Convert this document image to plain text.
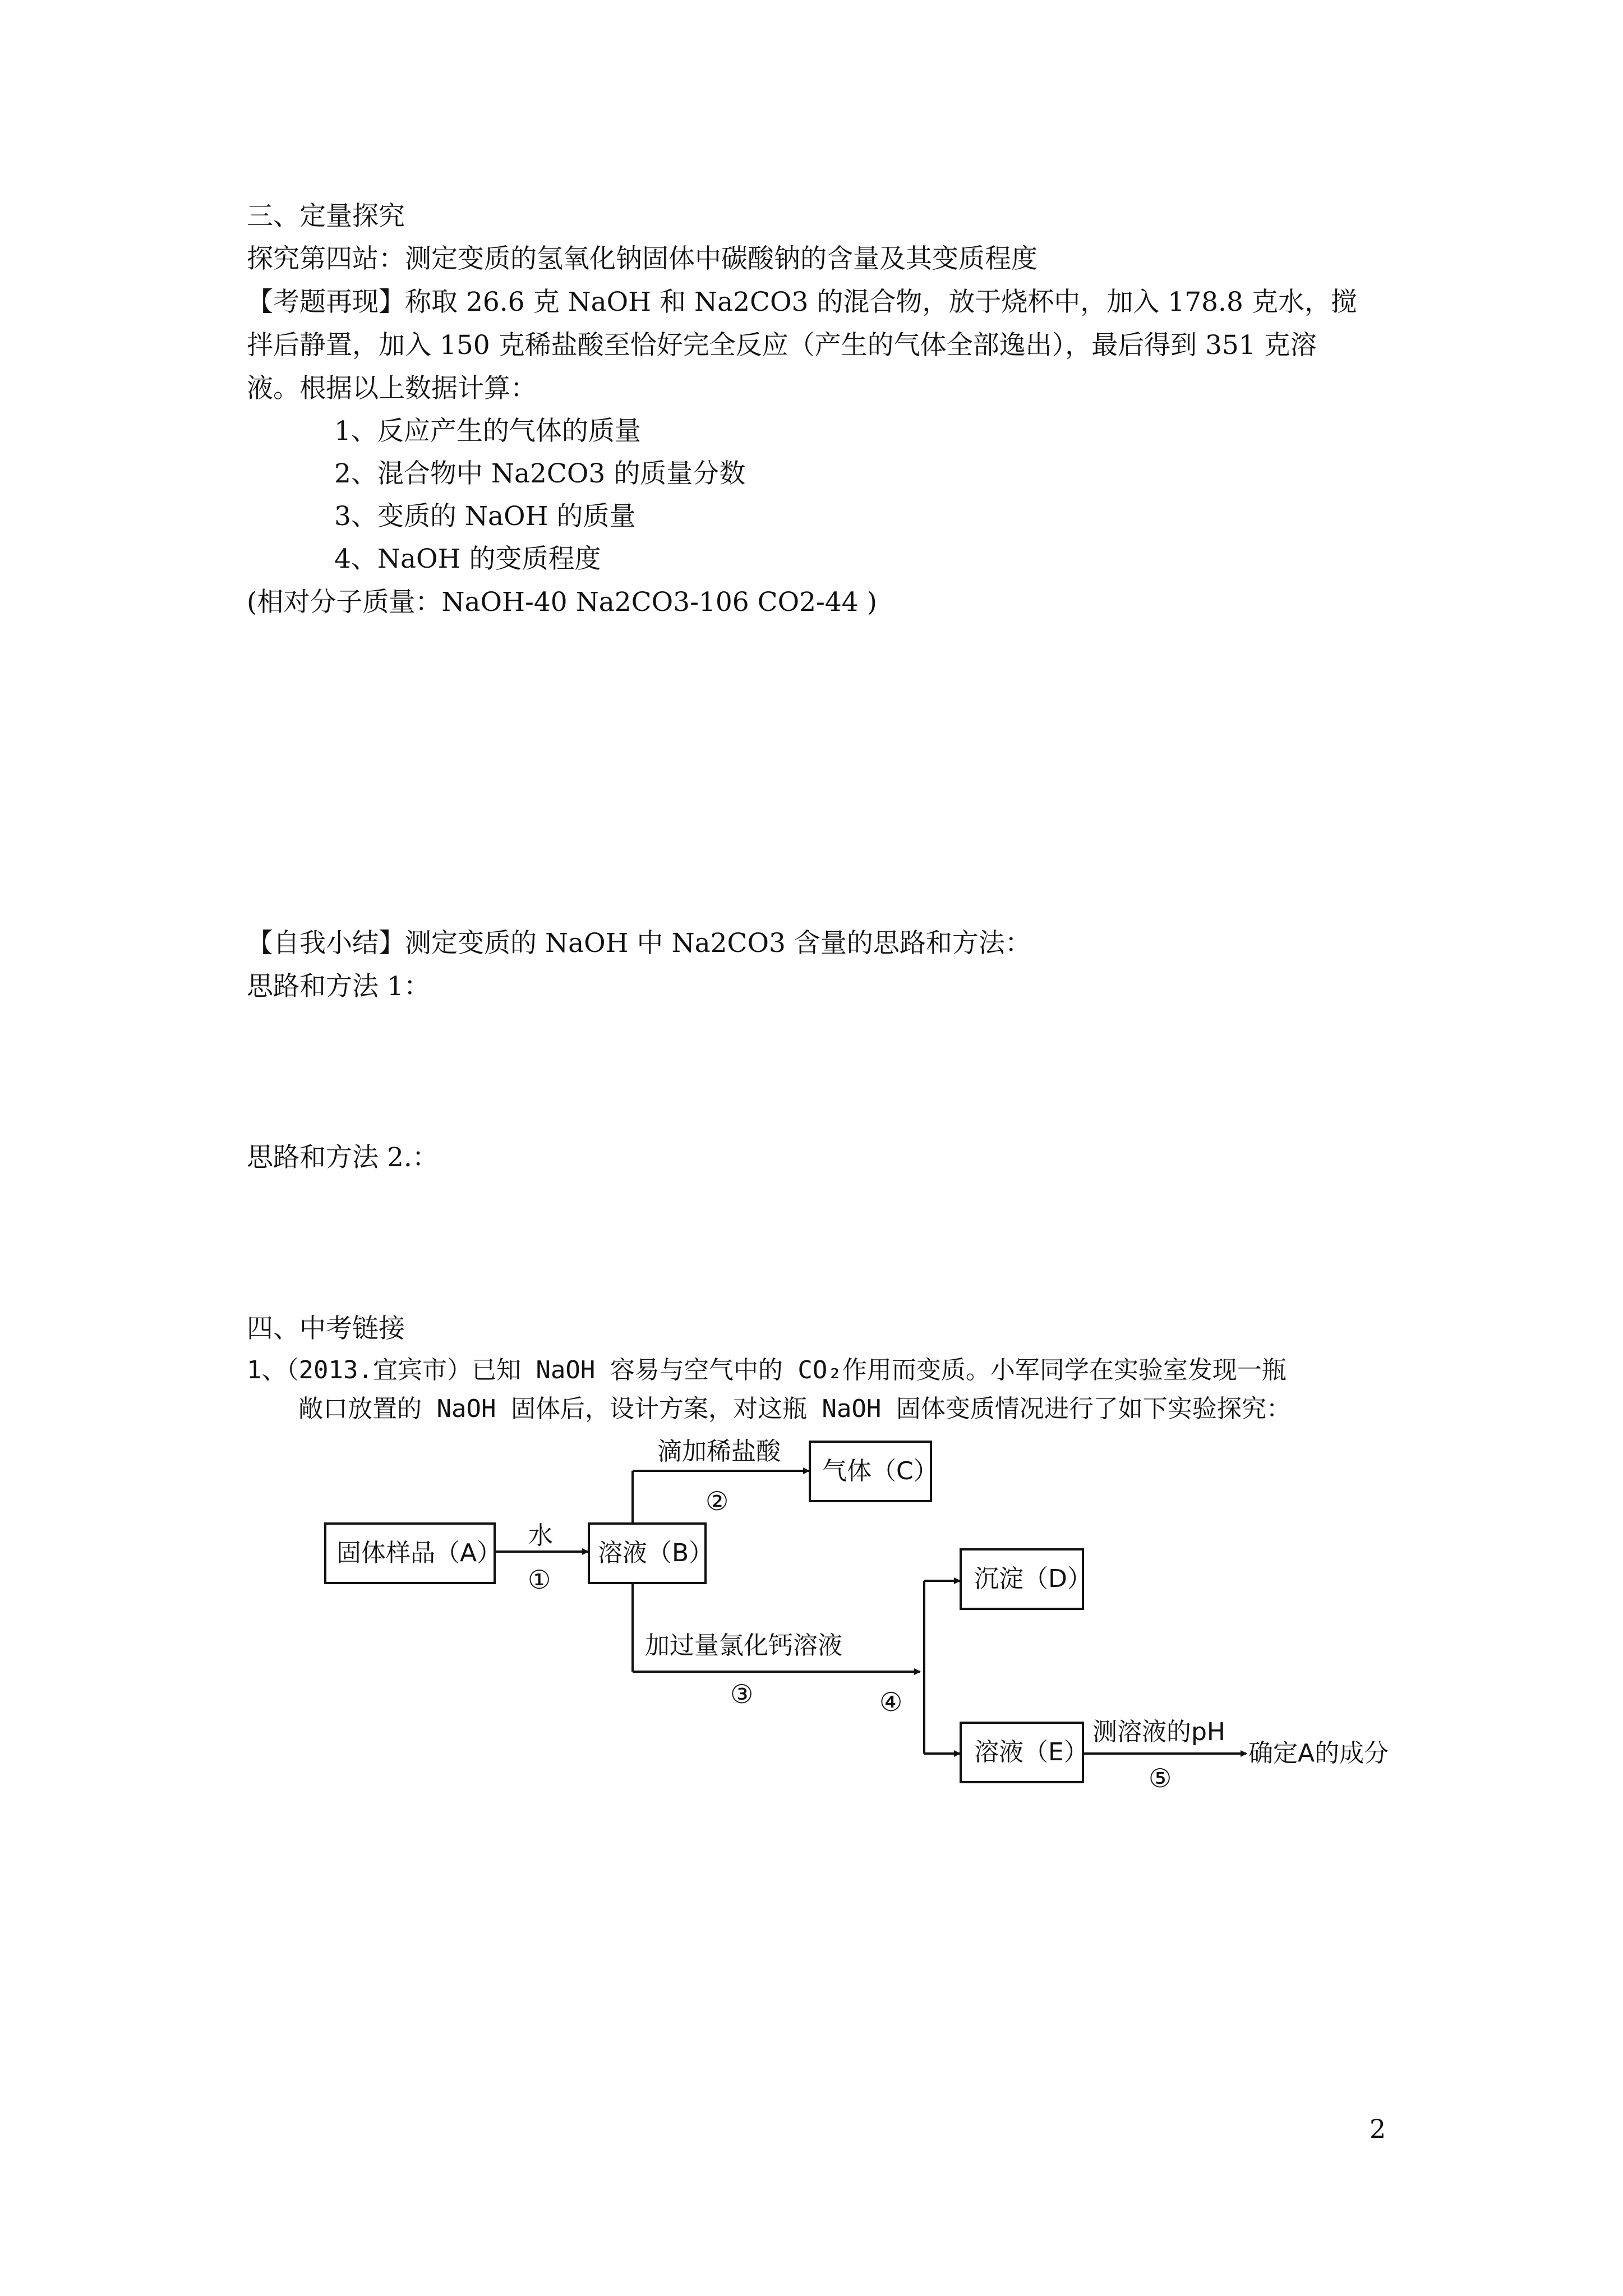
三、定量探究
探究第四站：测定变质的氢氧化钠固体中碳酸钠的含量及其变质程度
【考题再现】称取 26.6 克 NaOH 和 Na2CO3 的混合物，放于烧杯中，加入 178.8 克水，搅
拌后静置，加入 150 克稀盐酸至恰好完全反应（产生的气体全部逸出），最后得到 351 克溶
液。根据以上数据计算：
1、反应产生的气体的质量
2、混合物中 Na2CO3 的质量分数
3、变质的 NaOH 的质量
4、NaOH 的变质程度
(相对分子质量：NaOH-40 Na2CO3-106 CO2-44 )
【自我小结】测定变质的 NaOH 中 Na2CO3 含量的思路和方法：
思路和方法 1：
思路和方法 2.：
四、中考链接
1、（2013.宜宾市）已知 NaOH 容易与空气中的 CO₂作用而变质。小军同学在实验室发现一瓶
敞口放置的 NaOH 固体后，设计方案，对这瓶 NaOH 固体变质情况进行了如下实验探究：
固体样品（A）	溶液（B）
气体（C）
沉淀（D）
溶液（E）
水
滴加稀盐酸
加过量氯化钙溶液
测溶液的pH
确定A的成分
①
②
③	④
⑤
2
